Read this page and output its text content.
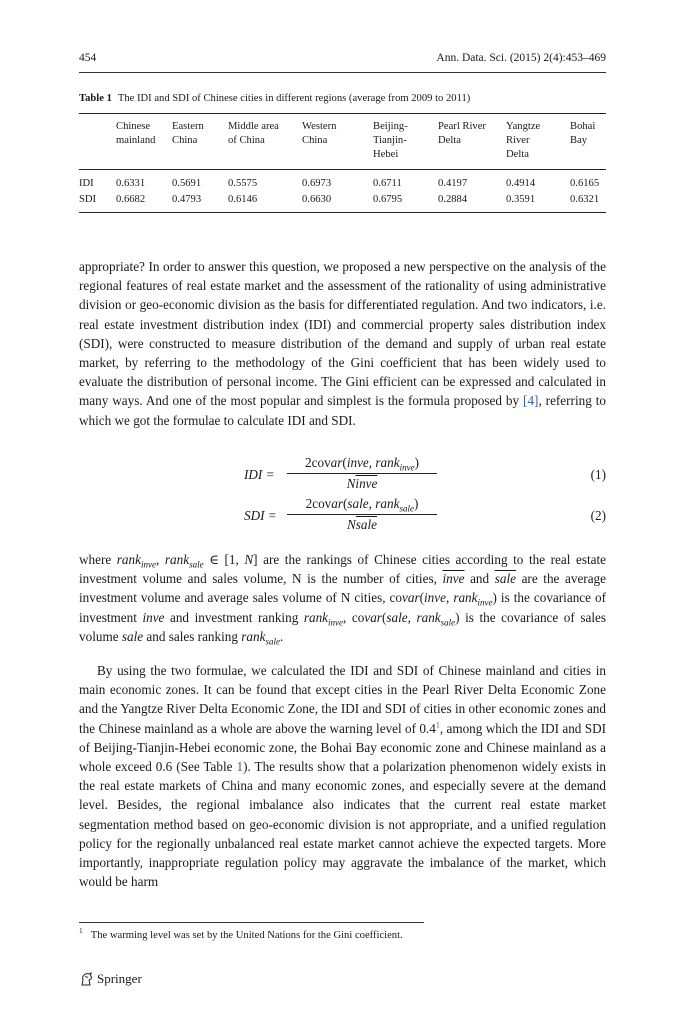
454	Ann. Data. Sci. (2015) 2(4):453–469
Table 1 The IDI and SDI of Chinese cities in different regions (average from 2009 to 2011)
	Chinese mainland	Eastern China	Middle area of China	Western China	Beijing-Tianjin-Hebei	Pearl River Delta	Yangtze River Delta	Bohai Bay
IDI	0.6331	0.5691	0.5575	0.6973	0.6711	0.4197	0.4914	0.6165
SDI	0.6682	0.4793	0.6146	0.6630	0.6795	0.2884	0.3591	0.6321

appropriate? In order to answer this question, we proposed a new perspective on the analysis of the regional features of real estate market and the assessment of the rationality of using administrative division or geo-economic division as the basis for differentiated regulation. And two indicators, i.e. real estate investment distribution index (IDI) and commercial property sales distribution index (SDI), were constructed to measure distribution of the demand and supply of urban real estate market, by referring to the methodology of the Gini coefficient that has been widely used to evaluate the distribution of personal income. The Gini efficient can be expressed and calculated in many ways. And one of the most popular and simplest is the formula proposed by [4], referring to which we got the formulae to calculate IDI and SDI.

IDI =
2covar(inve, rank$_{inve}$)
Ninve
(1)
SDI =
2covar(sale, rank$_{sale}$)
Nsale
(2)

where rank$_{inve}$, rank$_{sale}$ ∈ [1, N] are the rankings of Chinese cities according to the real estate investment volume and sales volume, N is the number of cities, inve and sale are the average investment volume and average sales volume of N cities, covar(inve, rank$_{inve}$) is the covariance of investment inve and investment ranking rank$_{inve}$, covar(sale, rank$_{sale}$) is the covariance of sales volume sale and sales ranking rank$_{sale}$.

By using the two formulae, we calculated the IDI and SDI of Chinese mainland and cities in main economic zones. It can be found that except cities in the Pearl River Delta Economic Zone and the Yangtze River Delta Economic Zone, the IDI and SDI of cities in other economic zones and the Chinese mainland as a whole are above the warning level of 0.4$^1$, among which the IDI and SDI of Beijing-Tianjin-Hebei economic zone, the Bohai Bay economic zone and Chinese mainland as a whole exceed 0.6 (See Table 1). The results show that a polarization phenomenon widely exists in the real estate markets of China and many economic zones, and especially severe at the demand level. Besides, the regional imbalance also indicates that the current real estate market segmentation method based on geo-economic division is not appropriate, and a unified regulation policy for the regionally unbalanced real estate market cannot achieve the expected targets. More importantly, inappropriate regulation policy may aggravate the imbalance of the market, which would be harm

$^1$ The warming level was set by the United Nations for the Gini coefficient.
Springer
